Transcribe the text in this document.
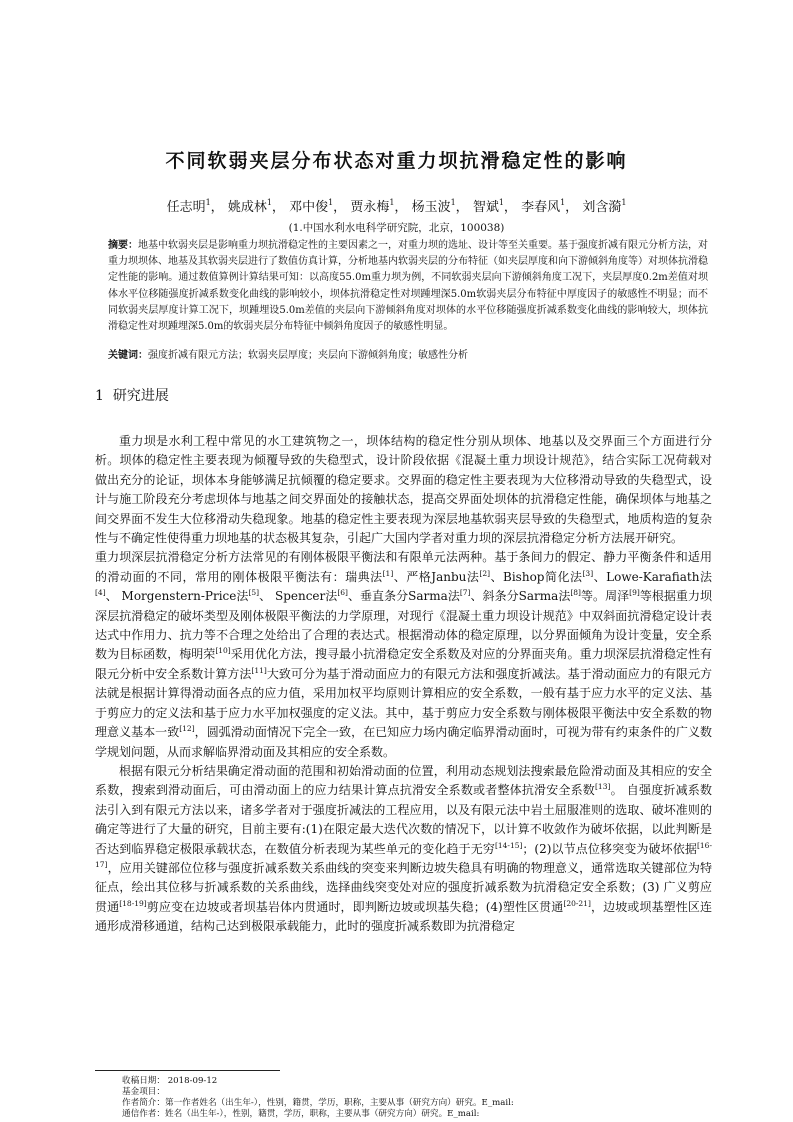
不同软弱夹层分布状态对重力坝抗滑稳定性的影响
任志明$^1$， 姚成林$^1$， 邓中俊$^1$， 贾永梅$^1$， 杨玉波$^1$， 智斌$^1$， 李春风$^1$， 刘含漪$^1$
(1.中国水利水电科学研究院，北京，100038)

摘要：地基中软弱夹层是影响重力坝抗滑稳定性的主要因素之一，对重力坝的选址、设计等至关重要。基于强度折减有限元分析方法，对重力坝坝体、地基及其软弱夹层进行了数值仿真计算，分析地基内软弱夹层的分布特征（如夹层厚度和向下游倾斜角度等）对坝体抗滑稳定性能的影响。通过数值算例计算结果可知：以高度55.0m重力坝为例，不同软弱夹层向下游倾斜角度工况下，夹层厚度0.2m差值对坝体水平位移随强度折减系数变化曲线的影响较小，坝体抗滑稳定性对坝踵埋深5.0m软弱夹层分布特征中厚度因子的敏感性不明显；而不同软弱夹层厚度计算工况下，坝踵埋设5.0m差值的夹层向下游倾斜角度对坝体的水平位移随强度折减系数变化曲线的影响较大，坝体抗滑稳定性对坝踵埋深5.0m的软弱夹层分布特征中倾斜角度因子的敏感性明显。

关键词：强度折减有限元方法；软弱夹层厚度；夹层向下游倾斜角度；敏感性分析

1 研究进展

重力坝是水利工程中常见的水工建筑物之一，坝体结构的稳定性分别从坝体、地基以及交界面三个方面进行分析。坝体的稳定性主要表现为倾覆导致的失稳型式，设计阶段依据《混凝土重力坝设计规范》，结合实际工况荷载对做出充分的论证，坝体本身能够满足抗倾覆的稳定要求。交界面的稳定性主要表现为大位移滑动导致的失稳型式，设计与施工阶段充分考虑坝体与地基之间交界面处的接触状态，提高交界面处坝体的抗滑稳定性能，确保坝体与地基之间交界面不发生大位移滑动失稳现象。地基的稳定性主要表现为深层地基软弱夹层导致的失稳型式，地质构造的复杂性与不确定性使得重力坝地基的状态极其复杂，引起广大国内学者对重力坝的深层抗滑稳定分析方法展开研究。

重力坝深层抗滑稳定分析方法常见的有刚体极限平衡法和有限单元法两种。基于条间力的假定、静力平衡条件和适用的滑动面的不同，常用的刚体极限平衡法有：瑞典法[1]、严格Janbu法[2]、Bishop简化法[3]、Lowe-Karafiath法[4]、 Morgenstern-Price法[5]、 Spencer法[6]、垂直条分Sarma法[7]、斜条分Sarma法[8]等。周泽[9]等根据重力坝深层抗滑稳定的破坏类型及刚体极限平衡法的力学原理，对现行《混凝土重力坝设计规范》中双斜面抗滑稳定设计表达式中作用力、抗力等不合理之处给出了合理的表达式。根据滑动体的稳定原理，以分界面倾角为设计变量，安全系数为目标函数，梅明荣[10]采用优化方法，搜寻最小抗滑稳定安全系数及对应的分界面夹角。重力坝深层抗滑稳定性有限元分析中安全系数计算方法[11]大致可分为基于滑动面应力的有限元方法和强度折减法。基于滑动面应力的有限元方法就是根据计算得滑动面各点的应力值，采用加权平均原则计算相应的安全系数，一般有基于应力水平的定义法、基于剪应力的定义法和基于应力水平加权强度的定义法。其中，基于剪应力安全系数与刚体极限平衡法中安全系数的物理意义基本一致[12]，圆弧滑动面情况下完全一致，在已知应力场内确定临界滑动面时，可视为带有约束条件的广义数学规划问题，从而求解临界滑动面及其相应的安全系数。

根据有限元分析结果确定滑动面的范围和初始滑动面的位置，利用动态规划法搜索最危险滑动面及其相应的安全系数，搜索到滑动面后，可由滑动面上的应力结果计算点抗滑安全系数或者整体抗滑安全系数[13]。 自强度折减系数法引入到有限元方法以来，诸多学者对于强度折减法的工程应用，以及有限元法中岩土屈服准则的选取、破坏准则的确定等进行了大量的研究，目前主要有:(1)在限定最大迭代次数的情况下，以计算不收敛作为破坏依据，以此判断是否达到临界稳定极限承载状态，在数值分析表现为某些单元的变化趋于无穷[14-15]；(2)以节点位移突变为破坏依据[16-17]，应用关键部位位移与强度折减系数关系曲线的突变来判断边坡失稳具有明确的物理意义，通常选取关键部位为特征点，绘出其位移与折减系数的关系曲线，选择曲线突变处对应的强度折减系数为抗滑稳定安全系数；(3) 广义剪应贯通[18-19]剪应变在边坡或者坝基岩体内贯通时，即判断边坡或坝基失稳；(4)塑性区贯通[20-21]，边坡或坝基塑性区连通形成滑移通道，结构己达到极限承载能力，此时的强度折减系数即为抗滑稳定

收稿日期： 2018-09-12
基金项目：
作者简介：第一作者姓名（出生年-），性别，籍贯，学历，职称，主要从事（研究方向）研究。E_mail:
通信作者：姓名（出生年-），性别，籍贯，学历，职称，主要从事（研究方向）研究。E_mail:
